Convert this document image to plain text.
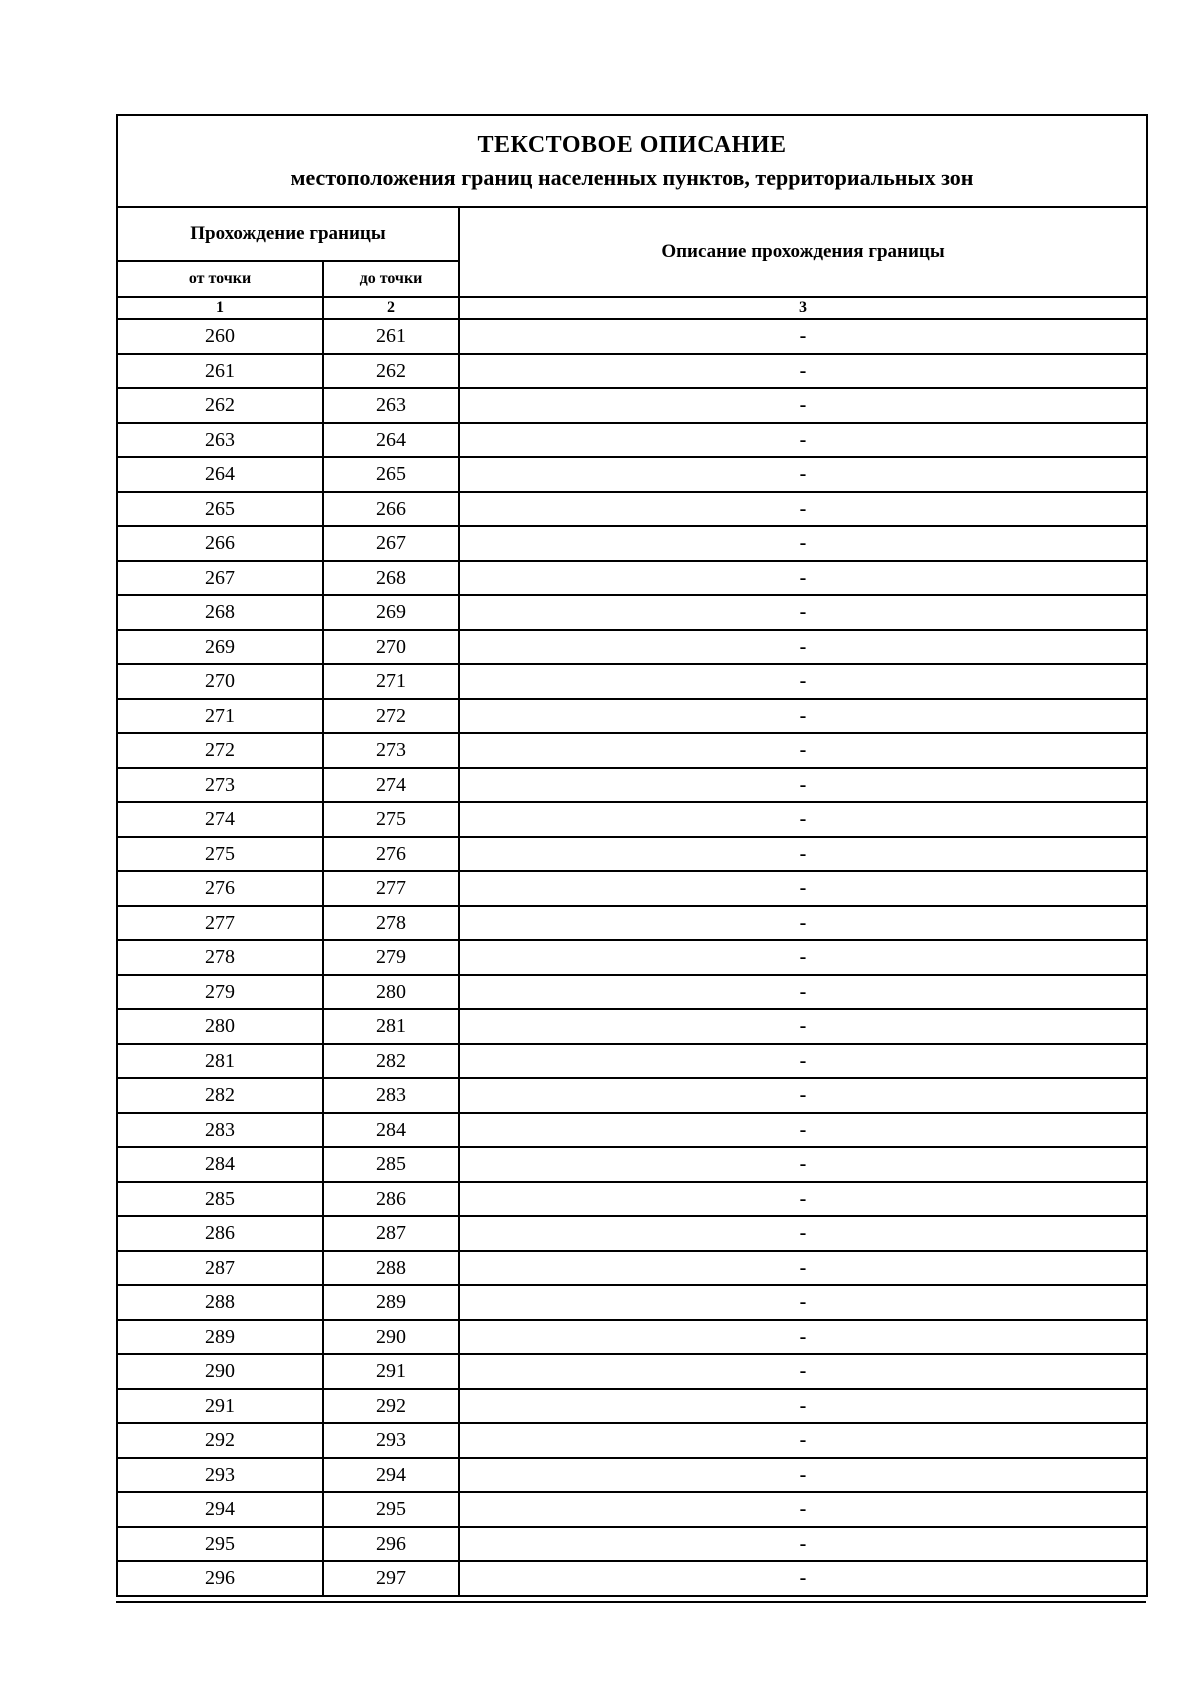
ТЕКСТОВОЕ ОПИСАНИЕ
местоположения границ населенных пунктов, территориальных зон		

Прохождение границы		Описание прохождения границы
от точки	до точки	
1	2	3
260	261	-
261	262	-
262	263	-
263	264	-
264	265	-
265	266	-
266	267	-
267	268	-
268	269	-
269	270	-
270	271	-
271	272	-
272	273	-
273	274	-
274	275	-
275	276	-
276	277	-
277	278	-
278	279	-
279	280	-
280	281	-
281	282	-
282	283	-
283	284	-
284	285	-
285	286	-
286	287	-
287	288	-
288	289	-
289	290	-
290	291	-
291	292	-
292	293	-
293	294	-
294	295	-
295	296	-
296	297	-
